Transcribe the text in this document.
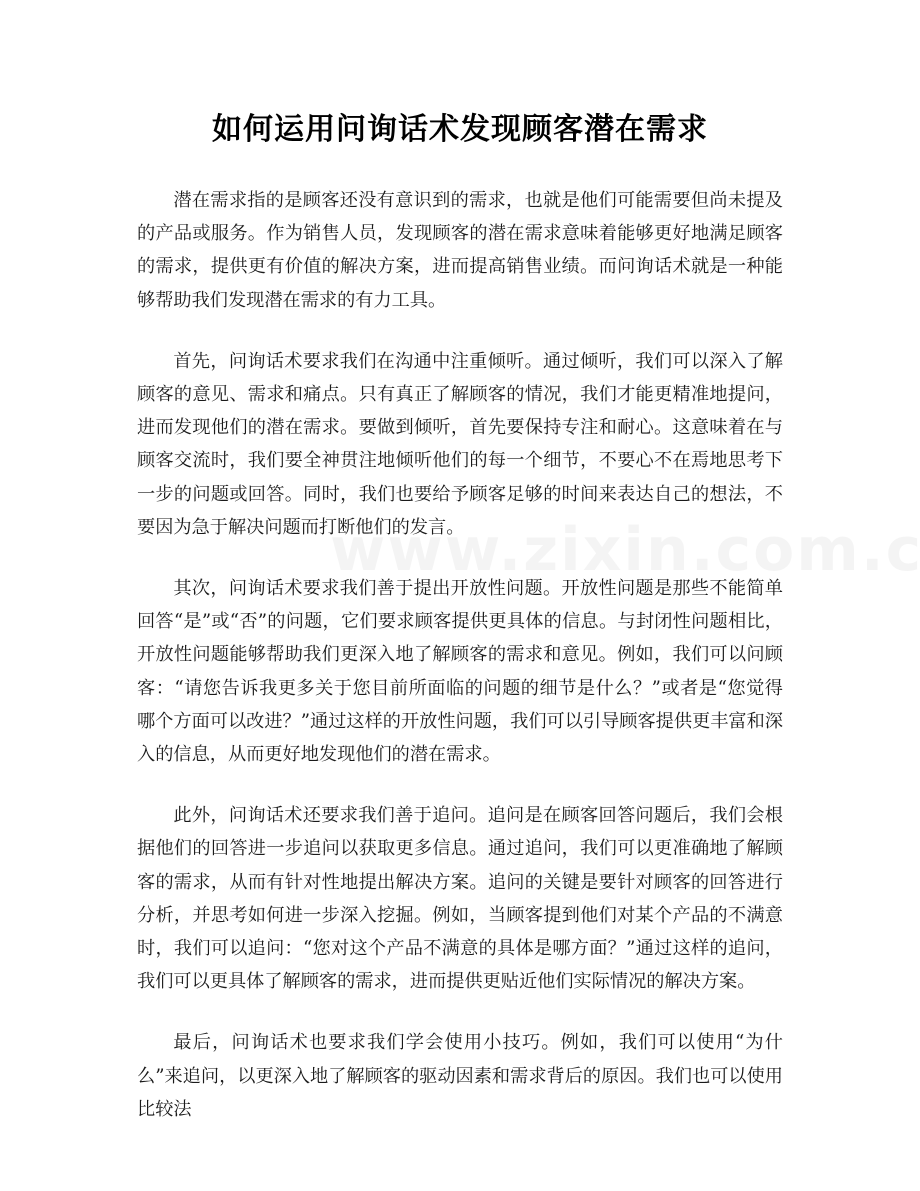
如何运用问询话术发现顾客潜在需求

潜在需求指的是顾客还没有意识到的需求，也就是他们可能需要但尚未提及的产品或服务。作为销售人员，发现顾客的潜在需求意味着能够更好地满足顾客的需求，提供更有价值的解决方案，进而提高销售业绩。而问询话术就是一种能够帮助我们发现潜在需求的有力工具。

首先，问询话术要求我们在沟通中注重倾听。通过倾听，我们可以深入了解顾客的意见、需求和痛点。只有真正了解顾客的情况，我们才能更精准地提问，进而发现他们的潜在需求。要做到倾听，首先要保持专注和耐心。这意味着在与顾客交流时，我们要全神贯注地倾听他们的每一个细节，不要心不在焉地思考下一步的问题或回答。同时，我们也要给予顾客足够的时间来表达自己的想法，不要因为急于解决问题而打断他们的发言。

其次，问询话术要求我们善于提出开放性问题。开放性问题是那些不能简单回答“是”或“否”的问题，它们要求顾客提供更具体的信息。与封闭性问题相比，开放性问题能够帮助我们更深入地了解顾客的需求和意见。例如，我们可以问顾客：“请您告诉我更多关于您目前所面临的问题的细节是什么？”或者是“您觉得哪个方面可以改进？”通过这样的开放性问题，我们可以引导顾客提供更丰富和深入的信息，从而更好地发现他们的潜在需求。

此外，问询话术还要求我们善于追问。追问是在顾客回答问题后，我们会根据他们的回答进一步追问以获取更多信息。通过追问，我们可以更准确地了解顾客的需求，从而有针对性地提出解决方案。追问的关键是要针对顾客的回答进行分析，并思考如何进一步深入挖掘。例如，当顾客提到他们对某个产品的不满意时，我们可以追问：“您对这个产品不满意的具体是哪方面？”通过这样的追问，我们可以更具体了解顾客的需求，进而提供更贴近他们实际情况的解决方案。

最后，问询话术也要求我们学会使用小技巧。例如，我们可以使用“为什么”来追问，以更深入地了解顾客的驱动因素和需求背后的原因。我们也可以使用比较法
